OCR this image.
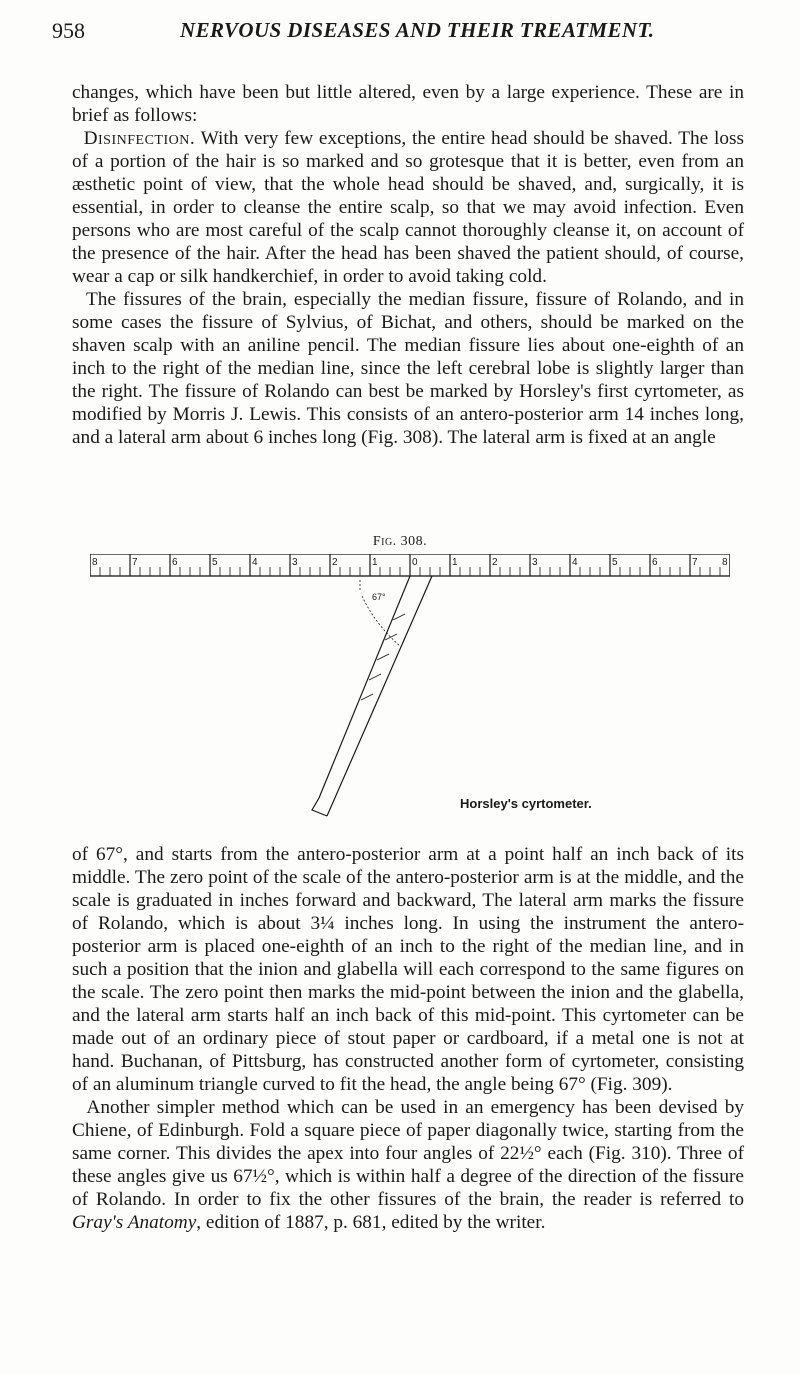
958	NERVOUS DISEASES AND THEIR TREATMENT.

changes, which have been but little altered, even by a large experience. These are in brief as follows:

Disinfection. With very few exceptions, the entire head should be shaved. The loss of a portion of the hair is so marked and so grotesque that it is better, even from an æsthetic point of view, that the whole head should be shaved, and, surgically, it is essential, in order to cleanse the entire scalp, so that we may avoid infection. Even persons who are most careful of the scalp cannot thoroughly cleanse it, on account of the presence of the hair. After the head has been shaved the patient should, of course, wear a cap or silk handkerchief, in order to avoid taking cold.

The fissures of the brain, especially the median fissure, fissure of Rolando, and in some cases the fissure of Sylvius, of Bichat, and others, should be marked on the shaven scalp with an aniline pencil. The median fissure lies about one-eighth of an inch to the right of the median line, since the left cerebral lobe is slightly larger than the right. The fissure of Rolando can best be marked by Horsley's first cyrtometer, as modified by Morris J. Lewis. This consists of an antero-posterior arm 14 inches long, and a lateral arm about 6 inches long (Fig. 308). The lateral arm is fixed at an angle

Fig. 308.
8	7	6	5	4	3	2	1	0	1	2	3	4	5	6	7 8
67°
Horsley's cyrtometer.

of 67°, and starts from the antero-posterior arm at a point half an inch back of its middle. The zero point of the scale of the antero-posterior arm is at the middle, and the scale is graduated in inches forward and backward, The lateral arm marks the fissure of Rolando, which is about 3¼ inches long. In using the instrument the antero-posterior arm is placed one-eighth of an inch to the right of the median line, and in such a position that the inion and glabella will each correspond to the same figures on the scale. The zero point then marks the mid-point between the inion and the glabella, and the lateral arm starts half an inch back of this mid-point. This cyrtometer can be made out of an ordinary piece of stout paper or cardboard, if a metal one is not at hand. Buchanan, of Pittsburg, has constructed another form of cyrtometer, consisting of an aluminum triangle curved to fit the head, the angle being 67° (Fig. 309).

Another simpler method which can be used in an emergency has been devised by Chiene, of Edinburgh. Fold a square piece of paper diagonally twice, starting from the same corner. This divides the apex into four angles of 22½° each (Fig. 310). Three of these angles give us 67½°, which is within half a degree of the direction of the fissure of Rolando. In order to fix the other fissures of the brain, the reader is referred to Gray's Anatomy, edition of 1887, p. 681, edited by the writer.
